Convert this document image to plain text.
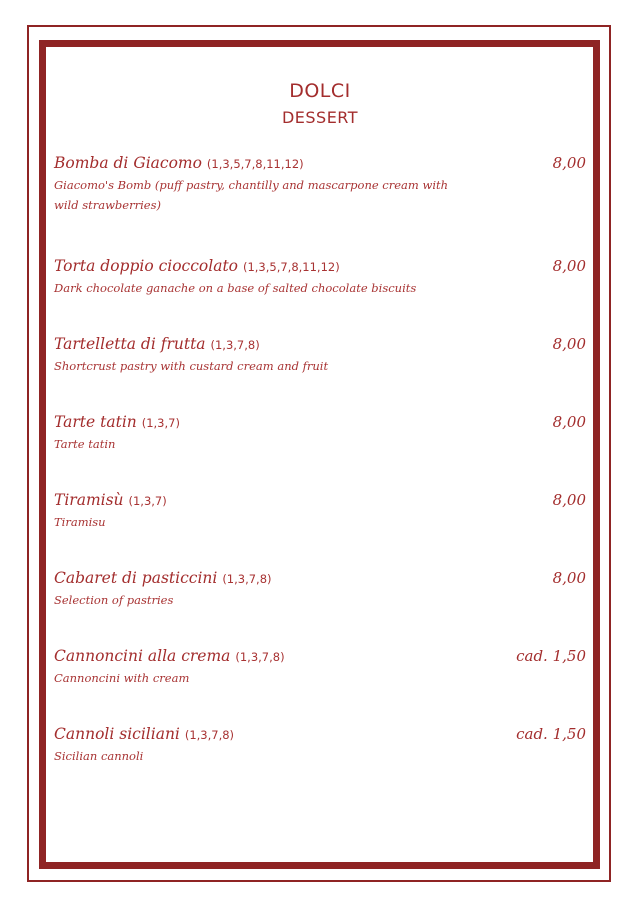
DOLCI
DESSERT
Bomba di Giacomo (1,3,5,7,8,11,12)
Giacomo's Bomb (puff pastry, chantilly and mascarpone cream with wild strawberries)
8,00
Torta doppio cioccolato (1,3,5,7,8,11,12)
Dark chocolate ganache on a base of salted chocolate biscuits
8,00
Tartelletta di frutta (1,3,7,8)
Shortcrust pastry with custard cream and fruit
8,00
Tarte tatin (1,3,7)
Tarte tatin
8,00
Tiramisù (1,3,7)
Tiramisu
8,00
Cabaret di pasticcini (1,3,7,8)
Selection of pastries
8,00
Cannoncini alla crema (1,3,7,8)
Cannoncini with cream
cad. 1,50
Cannoli siciliani (1,3,7,8)
Sicilian cannoli
cad. 1,50
